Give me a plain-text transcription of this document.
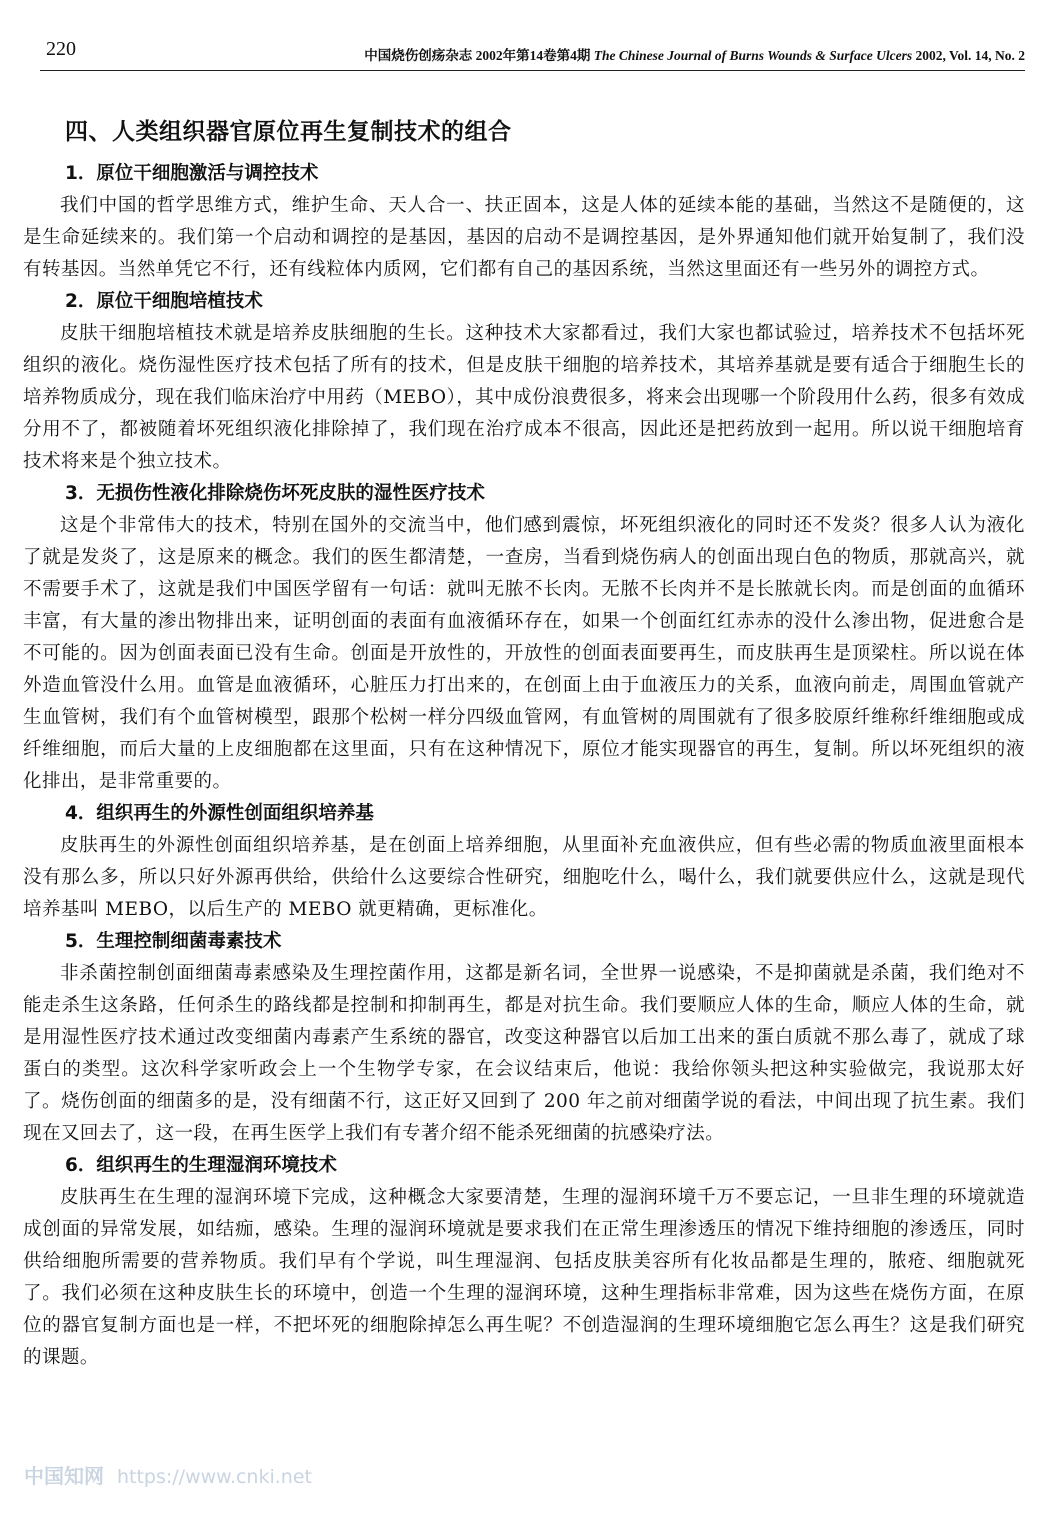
220	中国烧伤创疡杂志 2002年第14卷第4期 The Chinese Journal of Burns Wounds & Surface Ulcers 2002, Vol. 14, No. 2
四、人类组织器官原位再生复制技术的组合
1．原位干细胞激活与调控技术
我们中国的哲学思维方式，维护生命、天人合一、扶正固本，这是人体的延续本能的基础，当然这不是随便的，这是生命延续来的。我们第一个启动和调控的是基因，基因的启动不是调控基因，是外界通知他们就开始复制了，我们没有转基因。当然单凭它不行，还有线粒体内质网，它们都有自己的基因系统，当然这里面还有一些另外的调控方式。
2．原位干细胞培植技术
皮肤干细胞培植技术就是培养皮肤细胞的生长。这种技术大家都看过，我们大家也都试验过，培养技术不包括坏死组织的液化。烧伤湿性医疗技术包括了所有的技术，但是皮肤干细胞的培养技术，其培养基就是要有适合于细胞生长的培养物质成分，现在我们临床治疗中用药（MEBO），其中成份浪费很多，将来会出现哪一个阶段用什么药，很多有效成分用不了，都被随着坏死组织液化排除掉了，我们现在治疗成本不很高，因此还是把药放到一起用。所以说干细胞培育技术将来是个独立技术。
3．无损伤性液化排除烧伤坏死皮肤的湿性医疗技术
这是个非常伟大的技术，特别在国外的交流当中，他们感到震惊，坏死组织液化的同时还不发炎？很多人认为液化了就是发炎了，这是原来的概念。我们的医生都清楚，一查房，当看到烧伤病人的创面出现白色的物质，那就高兴，就不需要手术了，这就是我们中国医学留有一句话：就叫无脓不长肉。无脓不长肉并不是长脓就长肉。而是创面的血循环丰富，有大量的渗出物排出来，证明创面的表面有血液循环存在，如果一个创面红红赤赤的没什么渗出物，促进愈合是不可能的。因为创面表面已没有生命。创面是开放性的，开放性的创面表面要再生，而皮肤再生是顶梁柱。所以说在体外造血管没什么用。血管是血液循环，心脏压力打出来的，在创面上由于血液压力的关系，血液向前走，周围血管就产生血管树，我们有个血管树模型，跟那个松树一样分四级血管网，有血管树的周围就有了很多胶原纤维称纤维细胞或成纤维细胞，而后大量的上皮细胞都在这里面，只有在这种情况下，原位才能实现器官的再生，复制。所以坏死组织的液化排出，是非常重要的。
4．组织再生的外源性创面组织培养基
皮肤再生的外源性创面组织培养基，是在创面上培养细胞，从里面补充血液供应，但有些必需的物质血液里面根本没有那么多，所以只好外源再供给，供给什么这要综合性研究，细胞吃什么，喝什么，我们就要供应什么，这就是现代培养基叫 MEBO，以后生产的 MEBO 就更精确，更标准化。
5．生理控制细菌毒素技术
非杀菌控制创面细菌毒素感染及生理控菌作用，这都是新名词，全世界一说感染，不是抑菌就是杀菌，我们绝对不能走杀生这条路，任何杀生的路线都是控制和抑制再生，都是对抗生命。我们要顺应人体的生命，顺应人体的生命，就是用湿性医疗技术通过改变细菌内毒素产生系统的器官，改变这种器官以后加工出来的蛋白质就不那么毒了，就成了球蛋白的类型。这次科学家听政会上一个生物学专家，在会议结束后，他说：我给你领头把这种实验做完，我说那太好了。烧伤创面的细菌多的是，没有细菌不行，这正好又回到了 200 年之前对细菌学说的看法，中间出现了抗生素。我们现在又回去了，这一段，在再生医学上我们有专著介绍不能杀死细菌的抗感染疗法。
6．组织再生的生理湿润环境技术
皮肤再生在生理的湿润环境下完成，这种概念大家要清楚，生理的湿润环境千万不要忘记，一旦非生理的环境就造成创面的异常发展，如结痂，感染。生理的湿润环境就是要求我们在正常生理渗透压的情况下维持细胞的渗透压，同时供给细胞所需要的营养物质。我们早有个学说，叫生理湿润、包括皮肤美容所有化妆品都是生理的，脓疮、细胞就死了。我们必须在这种皮肤生长的环境中，创造一个生理的湿润环境，这种生理指标非常难，因为这些在烧伤方面，在原位的器官复制方面也是一样，不把坏死的细胞除掉怎么再生呢？不创造湿润的生理环境细胞它怎么再生？这是我们研究的课题。
中国知网 https://www.cnki.net
